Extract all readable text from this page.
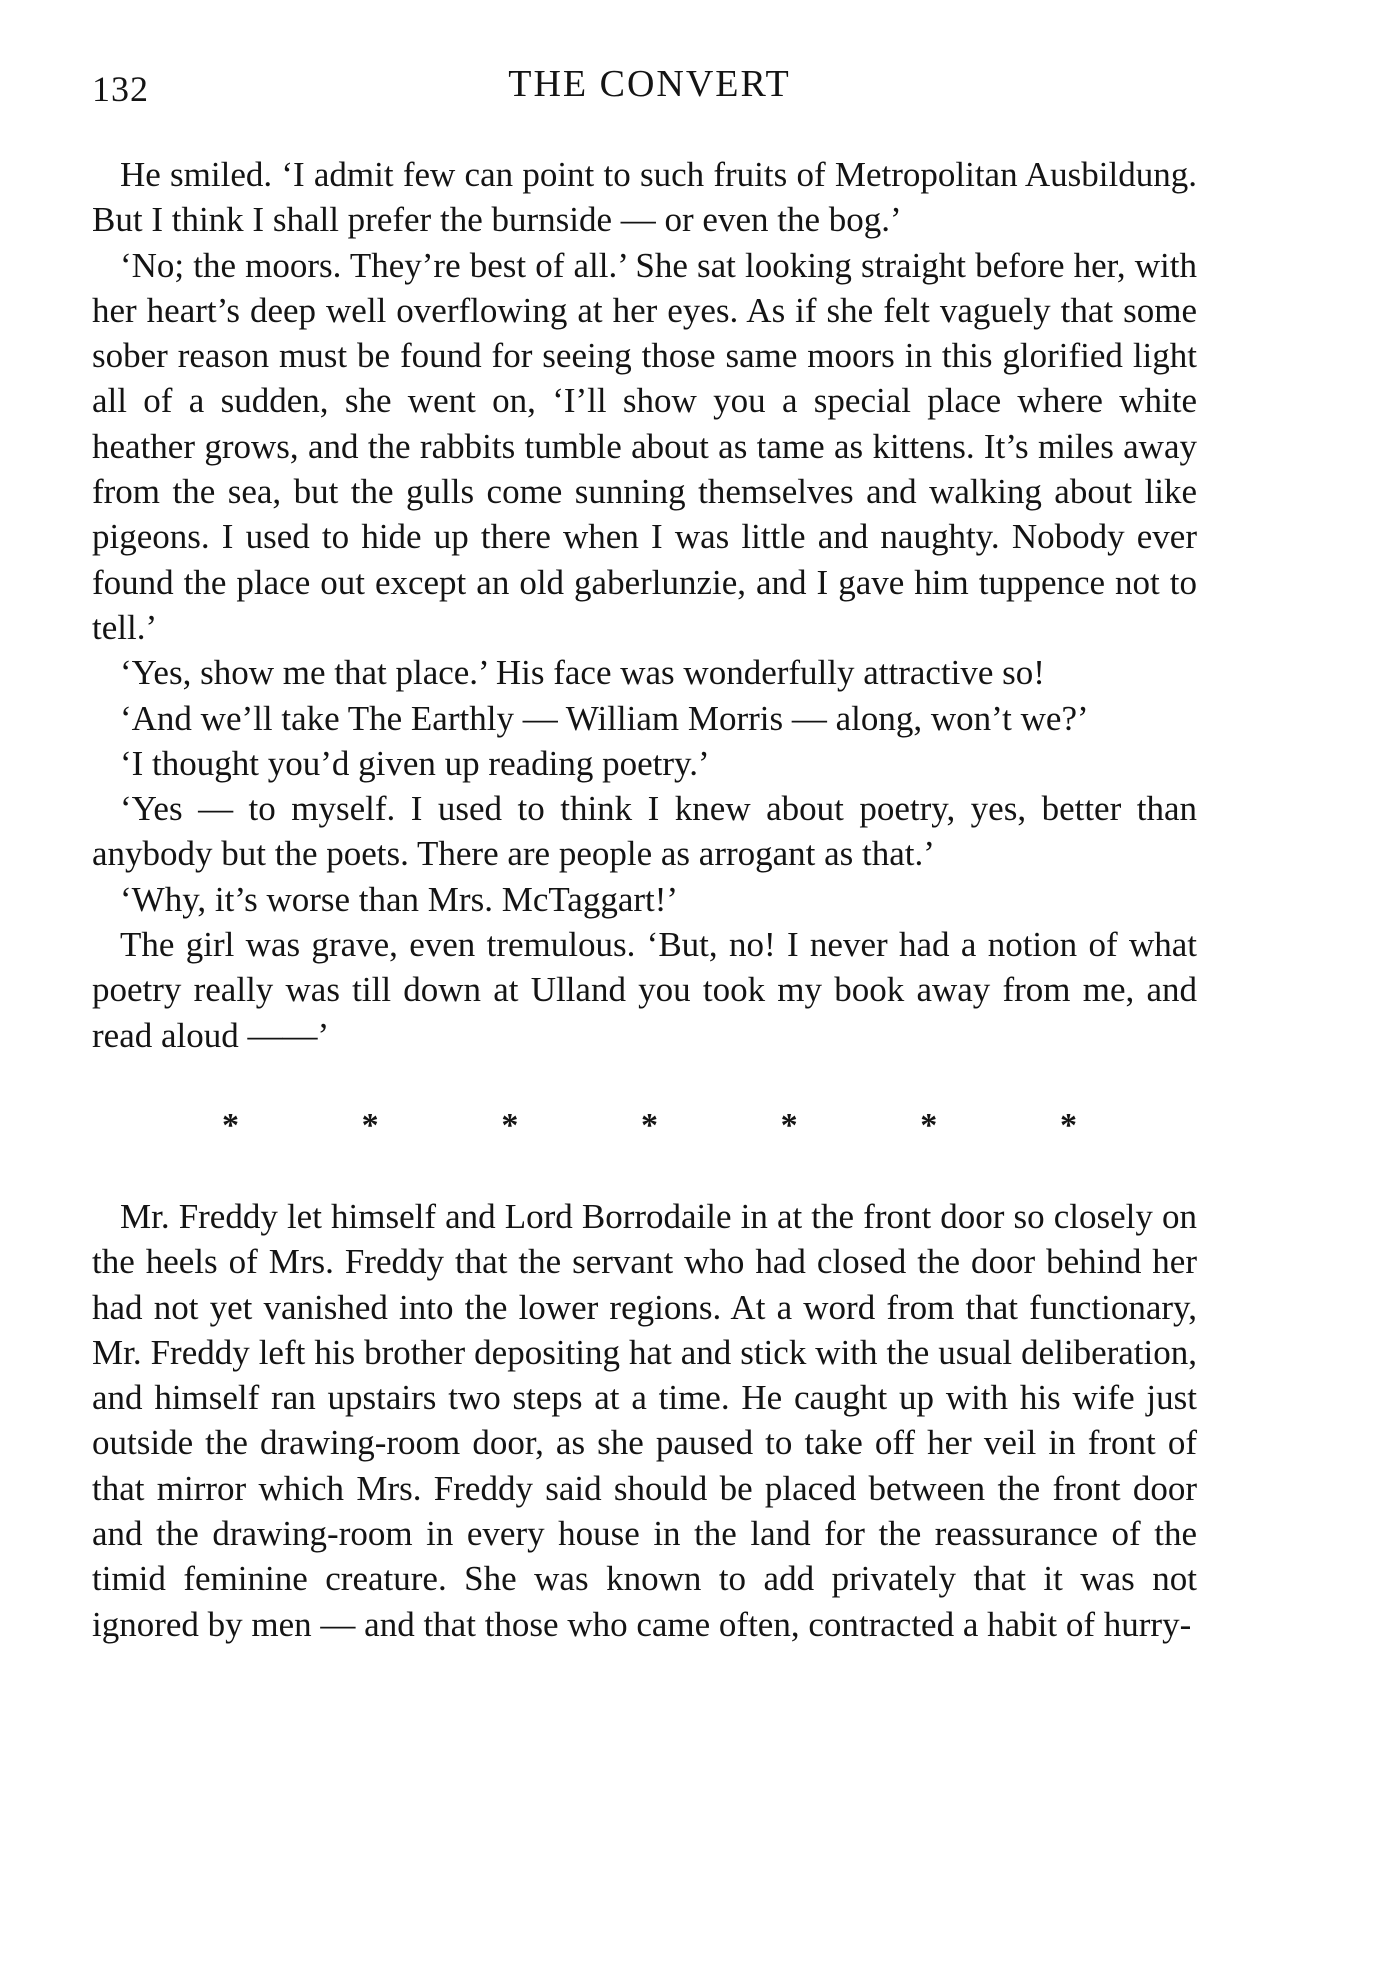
132	THE CONVERT

He smiled. ‘I admit few can point to such fruits of Metropolitan Ausbildung. But I think I shall prefer the burnside — or even the bog.’

‘No; the moors. They’re best of all.’ She sat looking straight before her, with her heart’s deep well overflowing at her eyes. As if she felt vaguely that some sober reason must be found for seeing those same moors in this glorified light all of a sudden, she went on, ‘I’ll show you a special place where white heather grows, and the rabbits tumble about as tame as kittens. It’s miles away from the sea, but the gulls come sunning themselves and walking about like pigeons. I used to hide up there when I was little and naughty. Nobody ever found the place out except an old gaberlunzie, and I gave him tuppence not to tell.’

‘Yes, show me that place.’ His face was wonderfully attractive so!

‘And we’ll take The Earthly — William Morris — along, won’t we?’

‘I thought you’d given up reading poetry.’

‘Yes — to myself. I used to think I knew about poetry, yes, better than anybody but the poets. There are people as arrogant as that.’

‘Why, it’s worse than Mrs. McTaggart!’

The girl was grave, even tremulous. ‘But, no! I never had a notion of what poetry really was till down at Ulland you took my book away from me, and read aloud ——’

*	*	*	*	*	*	*

Mr. Freddy let himself and Lord Borrodaile in at the front door so closely on the heels of Mrs. Freddy that the servant who had closed the door behind her had not yet vanished into the lower regions. At a word from that functionary, Mr. Freddy left his brother depositing hat and stick with the usual deliberation, and himself ran upstairs two steps at a time. He caught up with his wife just outside the drawing-room door, as she paused to take off her veil in front of that mirror which Mrs. Freddy said should be placed between the front door and the drawing-room in every house in the land for the reassurance of the timid feminine creature. She was known to add privately that it was not ignored by men — and that those who came often, contracted a habit of hurry-
